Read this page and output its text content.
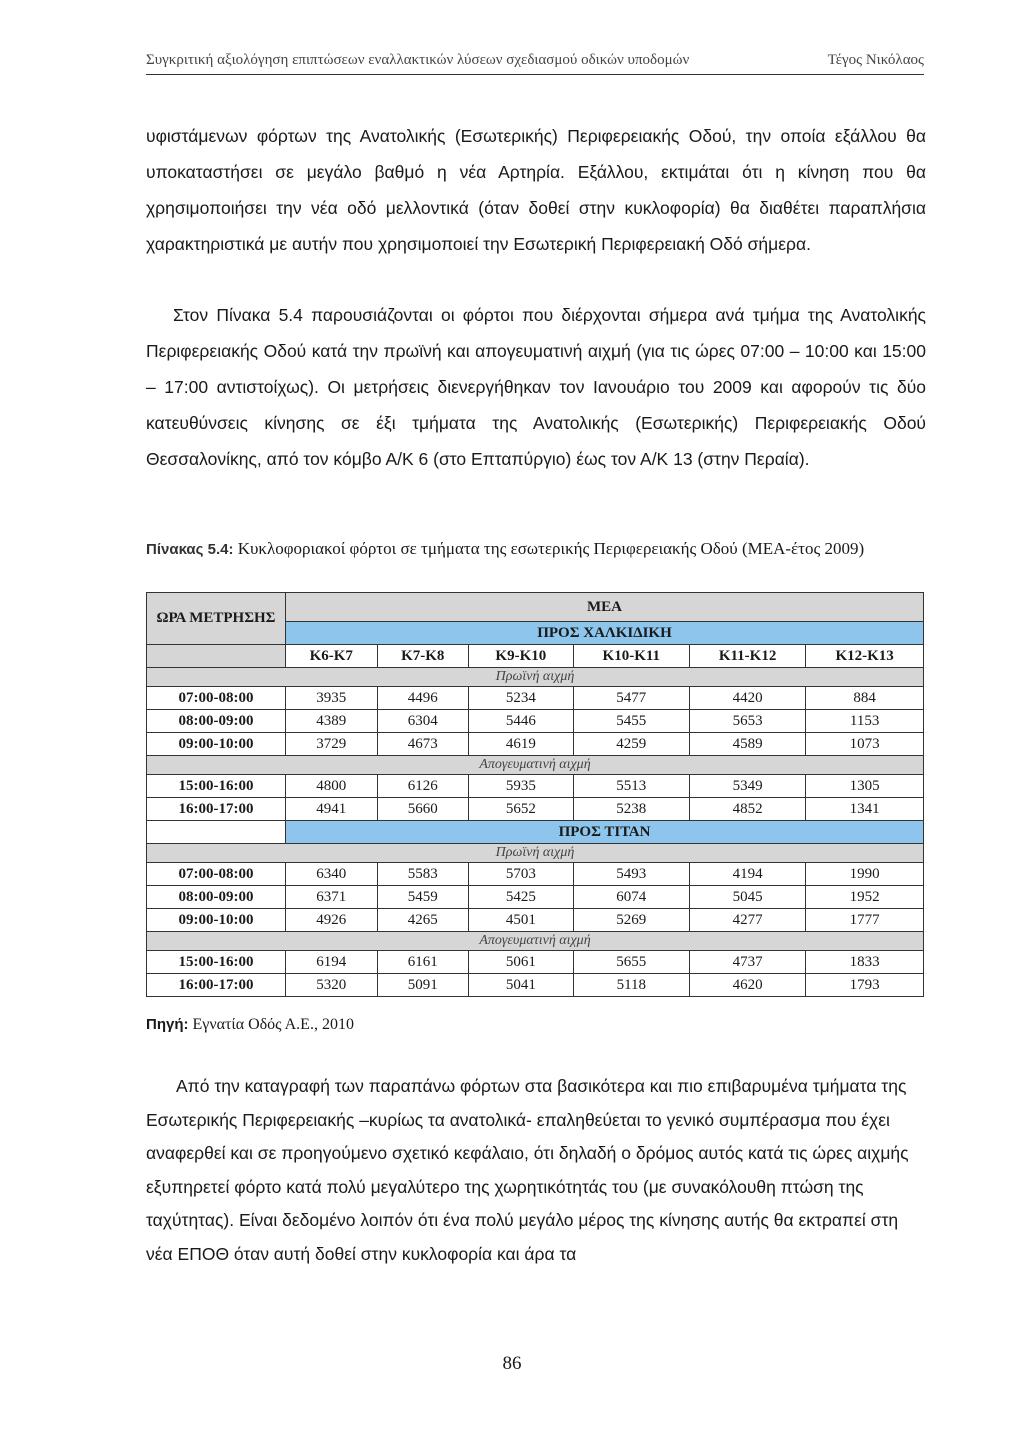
Συγκριτική αξιολόγηση επιπτώσεων εναλλακτικών λύσεων σχεδιασμού οδικών υποδομών	Τέγος Νικόλαος

υφιστάμενων φόρτων της Ανατολικής (Εσωτερικής) Περιφερειακής Οδού, την οποία εξάλλου θα υποκαταστήσει σε μεγάλο βαθμό η νέα Αρτηρία. Εξάλλου, εκτιμάται ότι η κίνηση που θα χρησιμοποιήσει την νέα οδό μελλοντικά (όταν δοθεί στην κυκλοφορία) θα διαθέτει παραπλήσια χαρακτηριστικά με αυτήν που χρησιμοποιεί την Εσωτερική Περιφερειακή Οδό σήμερα.

Στον Πίνακα 5.4 παρουσιάζονται οι φόρτοι που διέρχονται σήμερα ανά τμήμα της Ανατολικής Περιφερειακής Οδού κατά την πρωϊνή και απογευματινή αιχμή (για τις ώρες 07:00 – 10:00 και 15:00 – 17:00 αντιστοίχως). Οι μετρήσεις διενεργήθηκαν τον Ιανουάριο του 2009 και αφορούν τις δύο κατευθύνσεις κίνησης σε έξι τμήματα της Ανατολικής (Εσωτερικής) Περιφερειακής Οδού Θεσσαλονίκης, από τον κόμβο Α/Κ 6 (στο Επταπύργιο) έως τον Α/Κ 13 (στην Περαία).

Πίνακας 5.4: Κυκλοφοριακοί φόρτοι σε τμήματα της εσωτερικής Περιφερειακής Οδού (ΜΕΑ-έτος 2009)

ΩΡΑ ΜΕΤΡΗΣΗΣ	ΜΕΑ					
	ΠΡΟΣ ΧΑΛΚΙΔΙΚΗ					
	Κ6-Κ7	Κ7-Κ8	Κ9-Κ10	Κ10-Κ11	Κ11-Κ12	Κ12-Κ13
Πρωϊνή αιχμή						
07:00-08:00	3935	4496	5234	5477	4420	884
08:00-09:00	4389	6304	5446	5455	5653	1153
09:00-10:00	3729	4673	4619	4259	4589	1073
Απογευματινή αιχμή						
15:00-16:00	4800	6126	5935	5513	5349	1305
16:00-17:00	4941	5660	5652	5238	4852	1341
	ΠΡΟΣ ΤΙΤΑΝ					
Πρωϊνή αιχμή						
07:00-08:00	6340	5583	5703	5493	4194	1990
08:00-09:00	6371	5459	5425	6074	5045	1952
09:00-10:00	4926	4265	4501	5269	4277	1777
Απογευματινή αιχμή						
15:00-16:00	6194	6161	5061	5655	4737	1833
16:00-17:00	5320	5091	5041	5118	4620	1793
Πηγή: Εγνατία Οδός Α.Ε., 2010

Από την καταγραφή των παραπάνω φόρτων στα βασικότερα και πιο επιβαρυμένα τμήματα της Εσωτερικής Περιφερειακής –κυρίως τα ανατολικά- επαληθεύεται το γενικό συμπέρασμα που έχει αναφερθεί και σε προηγούμενο σχετικό κεφάλαιο, ότι δηλαδή ο δρόμος αυτός κατά τις ώρες αιχμής εξυπηρετεί φόρτο κατά πολύ μεγαλύτερο της χωρητικότητάς του (με συνακόλουθη πτώση της ταχύτητας). Είναι δεδομένο λοιπόν ότι ένα πολύ μεγάλο μέρος της κίνησης αυτής θα εκτραπεί στη νέα ΕΠΟΘ όταν αυτή δοθεί στην κυκλοφορία και άρα τα

86
